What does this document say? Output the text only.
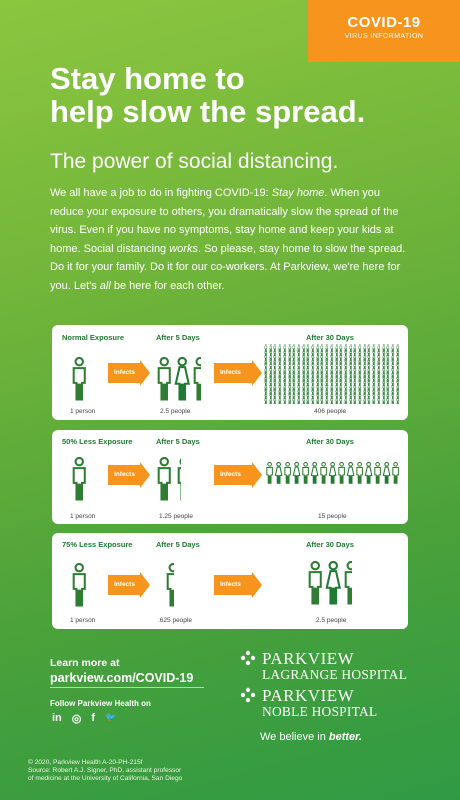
COVID-19
VIRUS INFORMATION
Stay home to
help slow the spread.
The power of social distancing.
We all have a job to do in fighting COVID-19: Stay home. When you reduce your exposure to others, you dramatically slow the spread of the virus. Even if you have no symptoms, stay home and keep your kids at home. Social distancing works. So please, stay home to slow the spread. Do it for your family. Do it for our co-workers. At Parkview, we're here for you. Let's all be here for each other.
Normal Exposure	After 5 Days	After 30 Days
Infects	Infects
1 person	2.5 people	406 people
50% Less Exposure	After 5 Days	After 30 Days
Infects	Infects
1 person	1.25 people	15 people
75% Less Exposure	After 5 Days	After 30 Days
Infects	Infects
1 person	.625 people	2.5 people
Learn more at
parkview.com/COVID-19
Follow Parkview Health on
in ◎ f 🐦
PARKVIEW
LAGRANGE HOSPITAL
PARKVIEW
NOBLE HOSPITAL
We believe in better.
© 2020, Parkview Health A-20-PH-215f
Source: Robert A.J. Signer, PhD, assistant professor
of medicine at the University of California, San Diego
